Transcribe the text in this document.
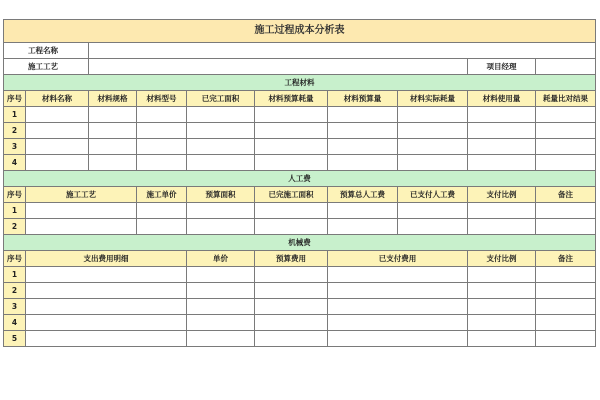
施工过程成本分析表									
工程名称									
施工工艺								项目经理	
工程材料									
序号	材料名称	材料规格	材料型号	已完工面积	材料预算耗量	材料预算量	材料实际耗量	材料使用量	耗量比对结果
1									
2									
3									
4									
人工费									
序号	施工工艺		施工单价	预算面积	已完施工面积	预算总人工费	已支付人工费	支付比例	备注
1									
2									
机械费									
序号	支出费用明细			单价	预算费用	已支付费用		支付比例	备注
1									
2									
3									
4									
5									
